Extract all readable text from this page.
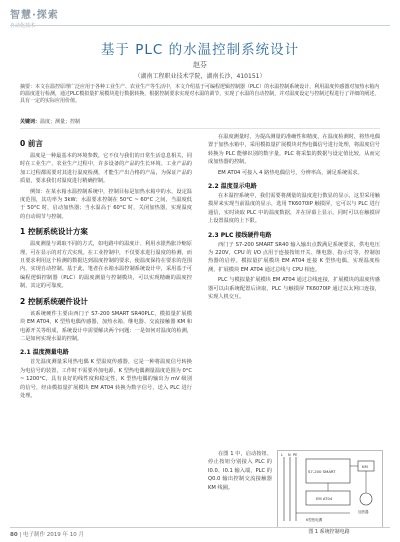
智慧·探索
自动化技术
基于 PLC 的水温控制系统设计
赵芬
（湖南工程职业技术学院，湖南长沙，410151）
摘要：本文在温控原理广泛应用于各种工业生产、农业生产等生活中，本文介绍基于可编程逻辑控制器（PLC）的水温控制系统设计，利用温度传感器对加热水箱内的温度进行检测，通过PLC模拟量扩展模块进行数据转换，根据控制要求实现对水温的调节，实现了水温的自动控制，并对温度设定与控制过程进行了详细的阐述，具有一定的实际应用价值。
关键词：温度；测量；控制
0 前言

温度是一种最基本的环境参数，它不仅与我们的日常生活息息相关，同时在工业生产、农业生产过程中，许多设备的产品的生长环境、工业产品的加工过程都需要对其进行温度检测，才能生产出合格的产品，为保证产品的质量，要求我们对温度进行精确控制。

例如：在某水箱水温控制系统中，控制目标是加热水箱中的水，设定温度范围，其功率为 3kW；水温要求控制在 50°C ~ 60°C 之间，当温度低于 50°C 时，启动加热器；当水温高于 60°C 时，关闭加热器，实现温度的自动调节与控制。

1 控制系统设计方案

温度测量与调取不同的方式，如电路中的温度计、利用水银热胀冷缩原理，可在显示的对方式实现。在工业控制中，不仅要求进行温度的检测，而且要求利用这个检测的数据达到温度控制的要求，使温度保持在要求的范围内，实现自动控制。基于此，笔者在水箱水温控制系统设计中，采用基于可编程逻辑控制器（PLC）的温度测量与控制模块，可以实现精确的温度控制，其定的可靠度。

2 控制系统硬件设计

该系统硬件主要由西门子 S7-200 SMART SR40PLC，模拟量扩展模块 EM AT04，K 型热电偶传感器，加热水箱、继电器、交流接触器 KM 和电源开关等组成，系统设计中需要解决两个问题：一是如何对温度的检测，二是如何实现水温的控制。

2.1 温度测量电路

首先温度测量采用热电偶 K 型温度传感器，它是一种将温度信号转换为电信号的装置，工作时不需要外加电源，K 型热电偶测量温度范围为 0°C ~ 1200°C，具有良好的线性度和稳定性，K 型热电偶的输出为 mV 级别的信号，经由模拟量扩展模块 EM AT04 转换为数字信号，送入 PLC 进行处理。

在温度测量时，为提高测量的准确性和精度，在温度检测时，将热电偶置于加热水箱中，采用模拟量扩展模块对热电偶信号进行处理，将温度信号转换为 PLC 能够识别的数字量，PLC 将采集的数据与设定值比较，从而完成加热器的控制。

EM AT04 可接入 4 路热电偶信号，分辨率高，满足系统需求。

2.2 温度显示电路

在本温控系统中，我们需要将测量的温度进行数显的显示，这里采用触摸屏来实现当前温度的显示，选用 TK6070IP 触摸屏，它可以与 PLC 进行通信，实时读取 PLC 中的温度数据，并在屏幕上显示。同时可以在触摸屏上设置温度的上下限。

2.3 PLC 接线硬件电路

西门子 S7-200 SMART SR40 输入输出点数满足系统要求，供电电压为 220V，CPU 的 I/O 点用于连接按钮开关、继电器、指示灯等，控制加热器的启停。模拟量扩展模块 EM AT04 连接 K 型热电偶，实现温度检测，扩展模块 EM AT04 通过总线与 CPU 相连。

PLC 与模拟量扩展模块 EM AT04 通过总线连接，扩展模块的温度传感器可以由系统配置后读取，PLC 与触摸屏 TK6070IP 通过以太网口连接，实现人机交互。

在图 1 中，启动按钮、停止按钮分别接入 PLC 的 I0.0、I0.1 输入端，PLC 的 Q0.0 输出控制交流接触器 KM 线圈。

L N PE
S7-200 SMART
EM AT04
KM
K型热电偶
加热器
图 1 系统控制电路
80 | 电子制作 2019 年 10 月
